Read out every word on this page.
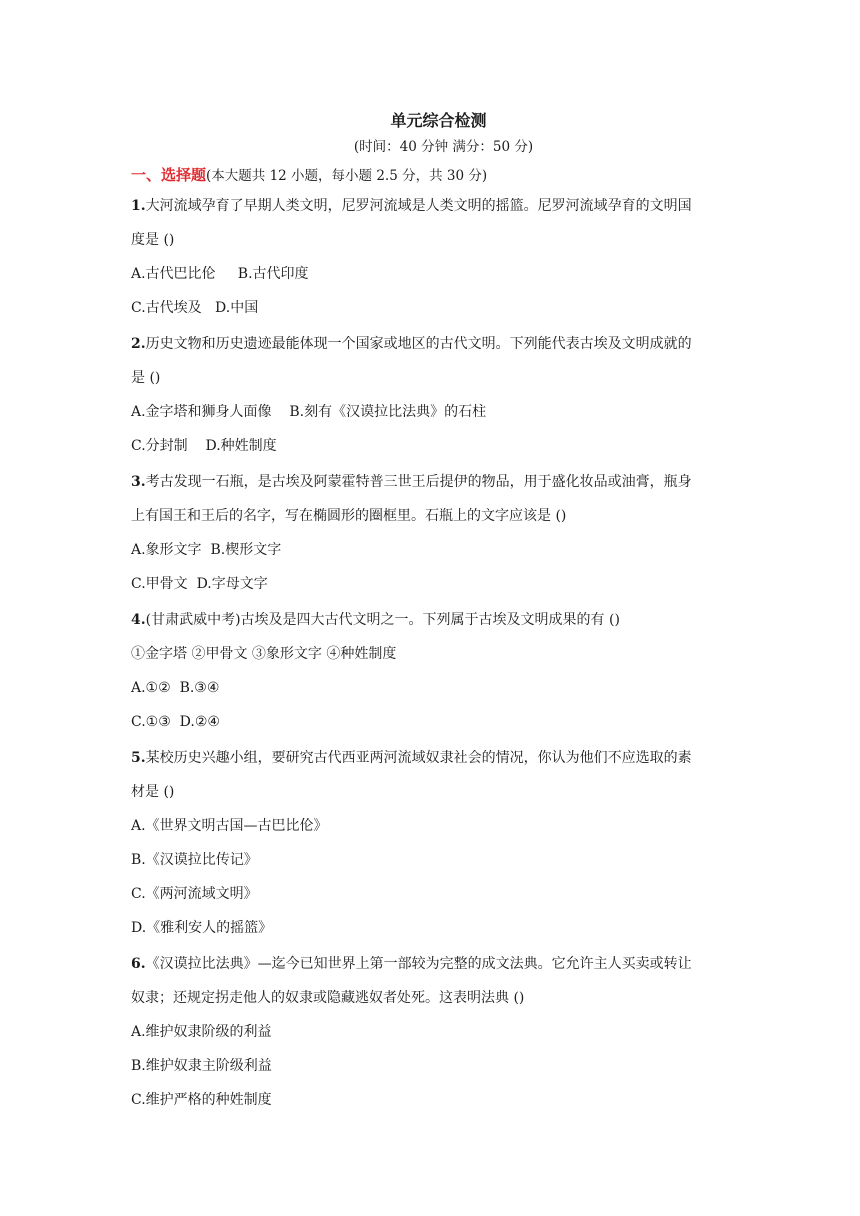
单元综合检测
(时间：40 分钟 满分：50 分)
一、选择题(本大题共 12 小题，每小题 2.5 分，共 30 分)
1.大河流域孕育了早期人类文明，尼罗河流域是人类文明的摇篮。尼罗河流域孕育的文明国
度是 ()
A.古代巴比伦     B.古代印度
C.古代埃及   D.中国
2.历史文物和历史遗迹最能体现一个国家或地区的古代文明。下列能代表古埃及文明成就的
是 ()
A.金字塔和狮身人面像    B.刻有《汉谟拉比法典》的石柱
C.分封制    D.种姓制度
3.考古发现一石瓶，是古埃及阿蒙霍特普三世王后提伊的物品，用于盛化妆品或油膏，瓶身
上有国王和王后的名字，写在椭圆形的圈框里。石瓶上的文字应该是 ()
A.象形文字  B.楔形文字
C.甲骨文  D.字母文字
4.(甘肃武威中考)古埃及是四大古代文明之一。下列属于古埃及文明成果的有 ()
①金字塔 ②甲骨文 ③象形文字 ④种姓制度
A.①②  B.③④
C.①③  D.②④
5.某校历史兴趣小组，要研究古代西亚两河流域奴隶社会的情况，你认为他们不应选取的素
材是 ()
A.《世界文明古国—古巴比伦》
B.《汉谟拉比传记》
C.《两河流域文明》
D.《雅利安人的摇篮》
6.《汉谟拉比法典》—迄今已知世界上第一部较为完整的成文法典。它允许主人买卖或转让
奴隶；还规定拐走他人的奴隶或隐藏逃奴者处死。这表明法典 ()
A.维护奴隶阶级的利益
B.维护奴隶主阶级利益
C.维护严格的种姓制度
